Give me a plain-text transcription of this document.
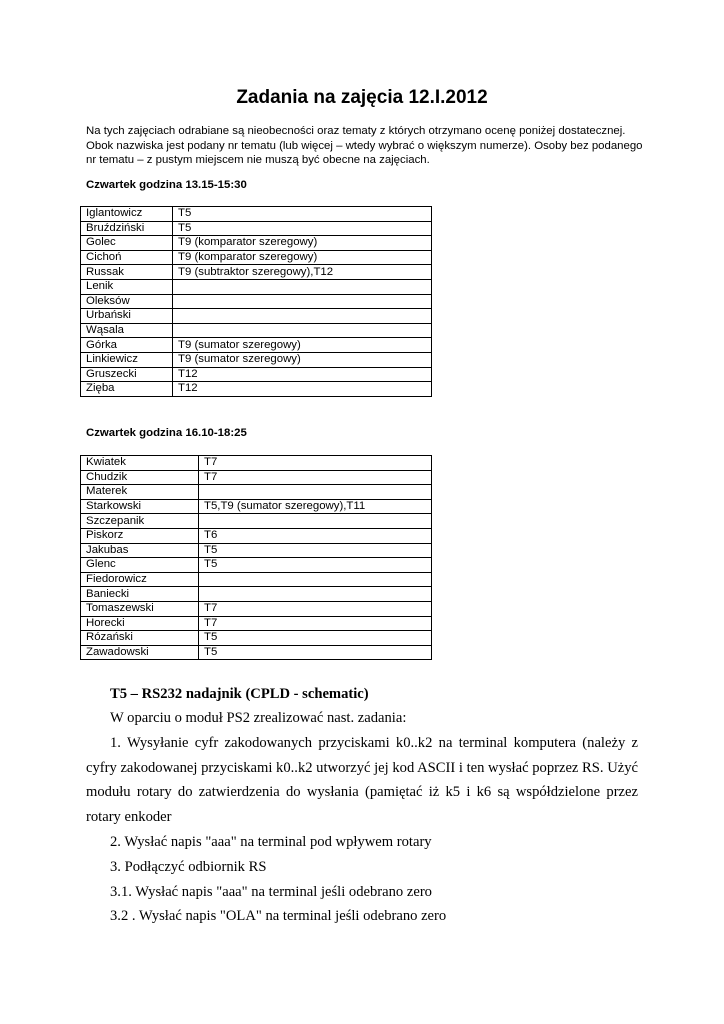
Zadania na zajęcia 12.I.2012
Na tych zajęciach odrabiane są nieobecności oraz tematy z których otrzymano ocenę poniżej dostatecznej. Obok nazwiska jest podany nr tematu (lub więcej – wtedy wybrać o większym numerze). Osoby bez podanego nr tematu – z pustym miejscem nie muszą być obecne na zajęciach.
Czwartek godzina 13.15-15:30
Iglantowicz	T5
Bruździński	T5
Golec	T9 (komparator szeregowy)
Cichoń	T9 (komparator szeregowy)
Russak	T9 (subtraktor szeregowy),T12
Lenik	
Oleksów	
Urbański	
Wąsala	
Górka	T9 (sumator szeregowy)
Linkiewicz	T9 (sumator szeregowy)
Gruszecki	T12
Zięba	T12
Czwartek godzina 16.10-18:25
Kwiatek	T7
Chudzik	T7
Materek	
Starkowski	T5,T9 (sumator szeregowy),T11
Szczepanik	
Piskorz	T6
Jakubas	T5
Glenc	T5
Fiedorowicz	
Baniecki	
Tomaszewski	T7
Horecki	T7
Rózański	T5
Zawadowski	T5
T5 – RS232 nadajnik (CPLD - schematic)

W oparciu o moduł PS2 zrealizować nast. zadania:

1. Wysyłanie cyfr zakodowanych przyciskami k0..k2 na terminal komputera (należy z cyfry zakodowanej przyciskami k0..k2 utworzyć jej kod ASCII i ten wysłać poprzez RS. Użyć modułu rotary do zatwierdzenia do wysłania (pamiętać iż k5 i k6 są współdzielone przez rotary enkoder

2. Wysłać napis "aaa" na terminal pod wpływem rotary

3. Podłączyć odbiornik RS

3.1. Wysłać napis "aaa" na terminal jeśli odebrano zero

3.2 . Wysłać napis "OLA" na terminal jeśli odebrano zero
